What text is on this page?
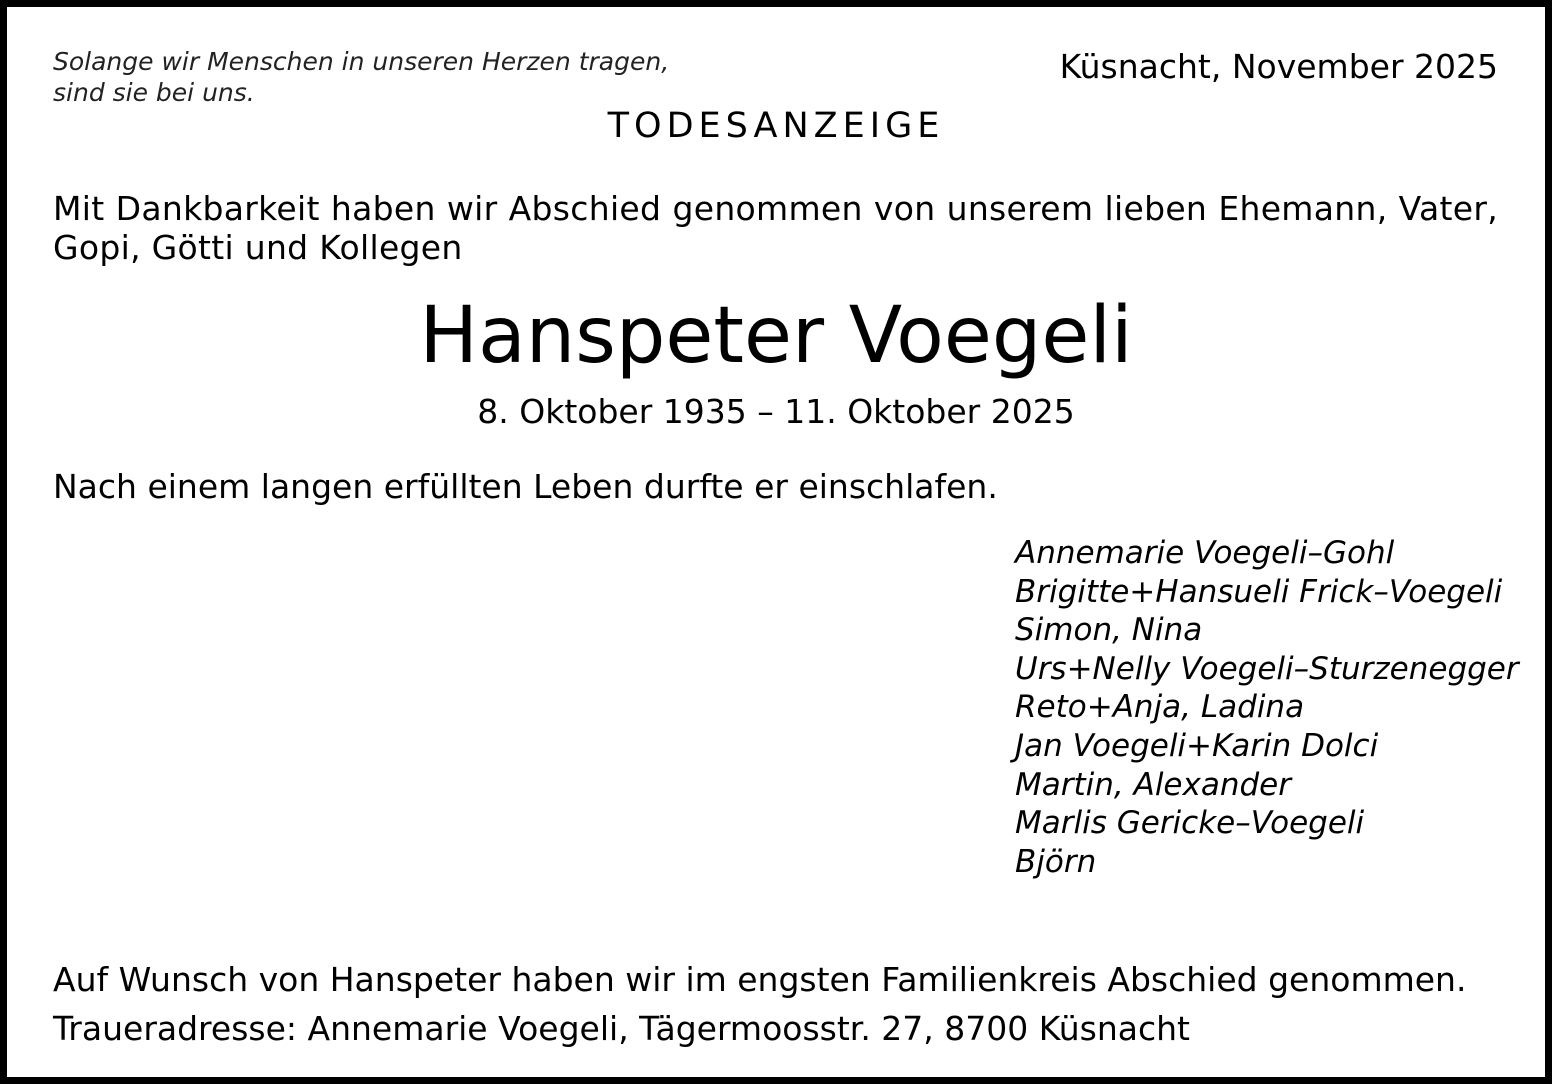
Solange wir Menschen in unseren Herzen tragen,
sind sie bei uns.
Küsnacht, November 2025
TODESANZEIGE
Mit Dankbarkeit haben wir Abschied genommen von unserem lieben Ehemann, Vater, Gopi, Götti und Kollegen
Hanspeter Voegeli
8. Oktober 1935 – 11. Oktober 2025
Nach einem langen erfüllten Leben durfte er einschlafen.
Annemarie Voegeli–Gohl
Brigitte+Hansueli Frick–Voegeli
Simon, Nina
Urs+Nelly Voegeli–Sturzenegger
Reto+Anja, Ladina
Jan Voegeli+Karin Dolci
Martin, Alexander
Marlis Gericke–Voegeli
Björn
Auf Wunsch von Hanspeter haben wir im engsten Familienkreis Abschied genommen.
Traueradresse: Annemarie Voegeli, Tägermoosstr. 27, 8700 Küsnacht
